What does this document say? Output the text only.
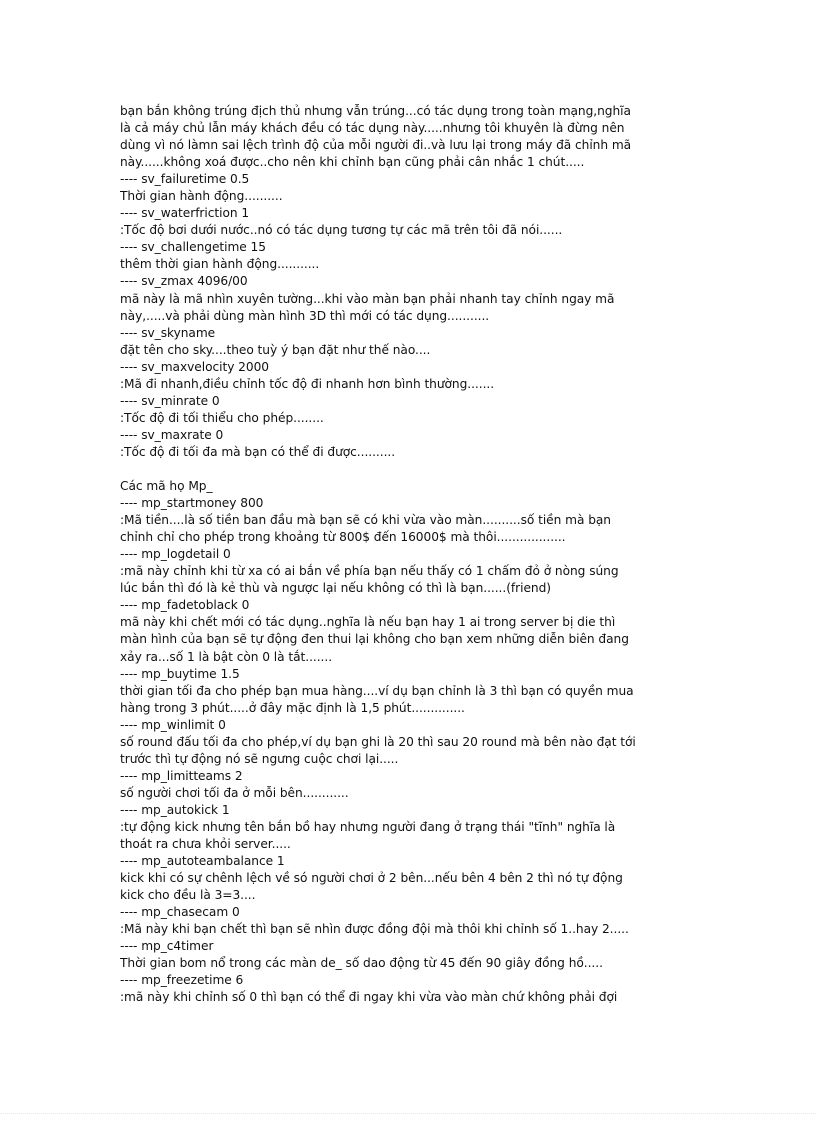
bạn bắn không trúng địch thủ nhưng vẫn trúng...có tác dụng trong toàn mạng,nghĩa
là cả máy chủ lẫn máy khách đều có tác dụng này.....nhưng tôi khuyên là đừng nên
dùng vì nó làmn sai lệch trình độ của mỗi người đi..và lưu lại trong máy đã chỉnh mã
này......không xoá được..cho nên khi chỉnh bạn cũng phải cân nhắc 1 chút.....
---- sv_failuretime 0.5
Thời gian hành động..........
---- sv_waterfriction 1
:Tốc độ bơi dưới nước..nó có tác dụng tương tự các mã trên tôi đã nói......
---- sv_challengetime 15
thêm thời gian hành động...........
---- sv_zmax 4096/00
mã này là mã nhìn xuyên tường...khi vào màn bạn phải nhanh tay chỉnh ngay mã
này,.....và phải dùng màn hình 3D thì mới có tác dụng...........
---- sv_skyname
đặt tên cho sky....theo tuỳ ý bạn đặt như thế nào....
---- sv_maxvelocity 2000
:Mã đi nhanh,điều chỉnh tốc độ đi nhanh hơn bình thường.......
---- sv_minrate 0
:Tốc độ đi tối thiểu cho phép........
---- sv_maxrate 0
:Tốc độ đi tối đa mà bạn có thể đi được..........
Các mã họ Mp_
---- mp_startmoney 800
:Mã tiền....là số tiền ban đầu mà bạn sẽ có khi vừa vào màn..........số tiền mà bạn
chỉnh chỉ cho phép trong khoảng từ 800$ đến 16000$ mà thôi..................
---- mp_logdetail 0
:mã này chỉnh khi từ xa có ai bắn về phía bạn nếu thấy có 1 chấm đỏ ở nòng súng
lúc bắn thì đó là kẻ thù và ngược lại nếu không có thì là bạn......(friend)
---- mp_fadetoblack 0
mã này khi chết mới có tác dụng..nghĩa là nếu bạn hay 1 ai trong server bị die thì
màn hình của bạn sẽ tự động đen thui lại không cho bạn xem những diễn biên đang
xảy ra...số 1 là bật còn 0 là tắt.......
---- mp_buytime 1.5
thời gian tối đa cho phép bạn mua hàng....ví dụ bạn chỉnh là 3 thì bạn có quyền mua
hàng trong 3 phút.....ở đây mặc định là 1,5 phút..............
---- mp_winlimit 0
số round đấu tối đa cho phép,ví dụ bạn ghi là 20 thì sau 20 round mà bên nào đạt tới
trước thì tự động nó sẽ ngưng cuộc chơi lại.....
---- mp_limitteams 2
số người chơi tối đa ở mỗi bên............
---- mp_autokick 1
:tự động kick nhưng tên bắn bồ hay nhưng người đang ở trạng thái "tĩnh" nghĩa là
thoát ra chưa khỏi server.....
---- mp_autoteambalance 1
kick khi có sự chênh lệch về só người chơi ở 2 bên...nếu bên 4 bên 2 thì nó tự động
kick cho đều là 3=3....
---- mp_chasecam 0
:Mã này khi bạn chết thì bạn sẽ nhìn được đồng đội mà thôi khi chỉnh số 1..hay 2.....
---- mp_c4timer
Thời gian bom nổ trong các màn de_ số dao động từ 45 đến 90 giây đồng hồ.....
---- mp_freezetime 6
:mã này khi chỉnh số 0 thì bạn có thể đi ngay khi vừa vào màn chứ không phải đợi
